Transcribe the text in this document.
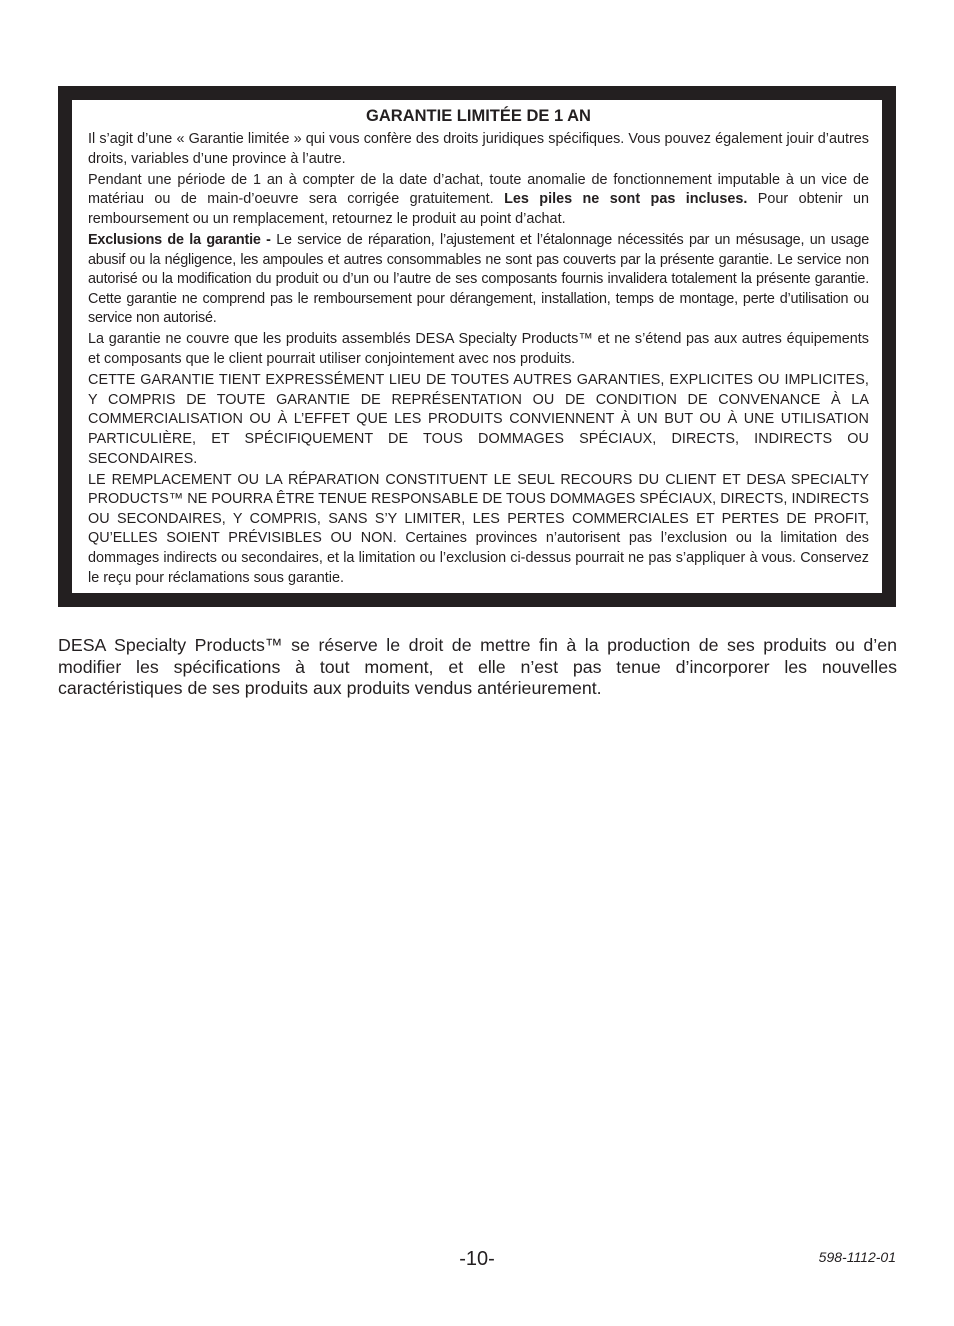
GARANTIE LIMITÉE DE 1 AN

Il s’agit d’une « Garantie limitée » qui vous confère des droits juridiques spécifiques. Vous pouvez également jouir d’autres droits, variables d’une province à l’autre.

Pendant une période de 1 an à compter de la date d’achat, toute anomalie de fonctionnement imputable à un vice de matériau ou de main-d’oeuvre sera corrigée gratuitement. Les piles ne sont pas incluses. Pour obtenir un remboursement ou un remplacement, retournez le produit au point d’achat.

Exclusions de la garantie - Le service de réparation, l’ajustement et l’étalonnage nécessités par un mésusage, un usage abusif ou la négligence, les ampoules et autres consommables ne sont pas couverts par la présente garantie. Le service non autorisé ou la modification du produit ou d’un ou l’autre de ses composants fournis invalidera totalement la présente garantie. Cette garantie ne comprend pas le remboursement pour dérangement, installation, temps de montage, perte d’utilisation ou service non autorisé.

La garantie ne couvre que les produits assemblés DESA Specialty Products™ et ne s’étend pas aux autres équipements et composants que le client pourrait utiliser conjointement avec nos produits.

CETTE GARANTIE TIENT EXPRESSÉMENT LIEU DE TOUTES AUTRES GARANTIES, EXPLICITES OU IMPLICITES, Y COMPRIS DE TOUTE GARANTIE DE REPRÉSENTATION OU DE CONDITION DE CONVENANCE À LA COMMERCIALISATION OU À L’EFFET QUE LES PRODUITS CONVIENNENT À UN BUT OU À UNE UTILISATION PARTICULIÈRE, ET SPÉCIFIQUEMENT DE TOUS DOMMAGES SPÉCIAUX, DIRECTS, INDIRECTS OU SECONDAIRES.

LE REMPLACEMENT OU LA RÉPARATION CONSTITUENT LE SEUL RECOURS DU CLIENT ET DESA SPECIALTY PRODUCTS™ NE POURRA ÊTRE TENUE RESPONSABLE DE TOUS DOMMAGES SPÉCIAUX, DIRECTS, INDIRECTS OU SECONDAIRES, Y COMPRIS, SANS S’Y LIMITER, LES PERTES COMMERCIALES ET PERTES DE PROFIT, QU’ELLES SOIENT PRÉVISIBLES OU NON. Certaines provinces n’autorisent pas l’exclusion ou la limitation des dommages indirects ou secondaires, et la limitation ou l’exclusion ci-dessus pourrait ne pas s’appliquer à vous. Conservez le reçu pour réclamations sous garantie.

DESA Specialty Products™ se réserve le droit de mettre fin à la production de ses produits ou d’en modifier les spécifications à tout moment, et elle n’est pas tenue d’incorporer les nouvelles caractéristiques de ses produits aux produits vendus antérieurement.

-10-	598-1112-01
